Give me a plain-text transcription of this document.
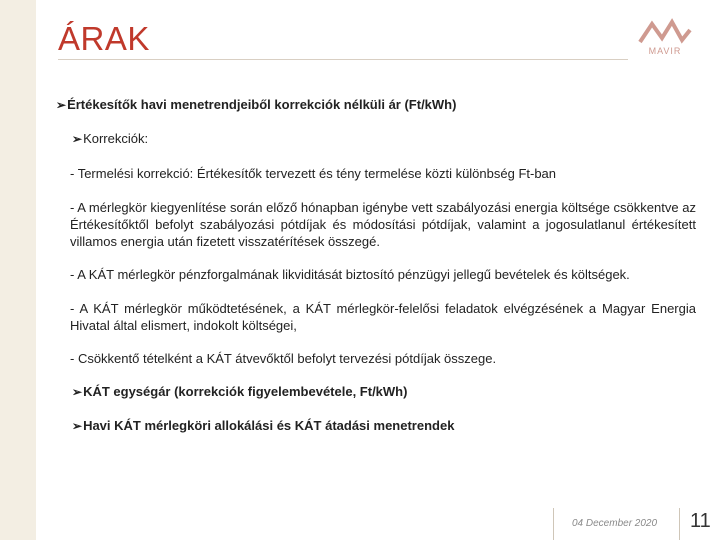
ÁRAK	MAVIR
➢Értékesítők havi menetrendjeiből korrekciók nélküli ár (Ft/kWh)
➢Korrekciók:
- Termelési korrekció: Értékesítők tervezett és tény termelése közti különbség Ft-ban
- A mérlegkör kiegyenlítése során előző hónapban igénybe vett szabályozási energia költsége csökkentve az Értékesítőktől befolyt szabályozási pótdíjak és módosítási pótdíjak, valamint a jogosulatlanul értékesített villamos energia után fizetett visszatérítések összegé.
- A KÁT mérlegkör pénzforgalmának likviditását biztosító pénzügyi jellegű bevételek és költségek.
- A KÁT mérlegkör működtetésének, a KÁT mérlegkör-felelősi feladatok elvégzésének a Magyar Energia Hivatal által elismert, indokolt költségei,
- Csökkentő tételként a KÁT átvevőktől befolyt tervezési pótdíjak összege.
➢KÁT egységár (korrekciók figyelembevétele, Ft/kWh)
➢Havi KÁT mérlegköri allokálási és KÁT átadási menetrendek
04 December 2020 11
